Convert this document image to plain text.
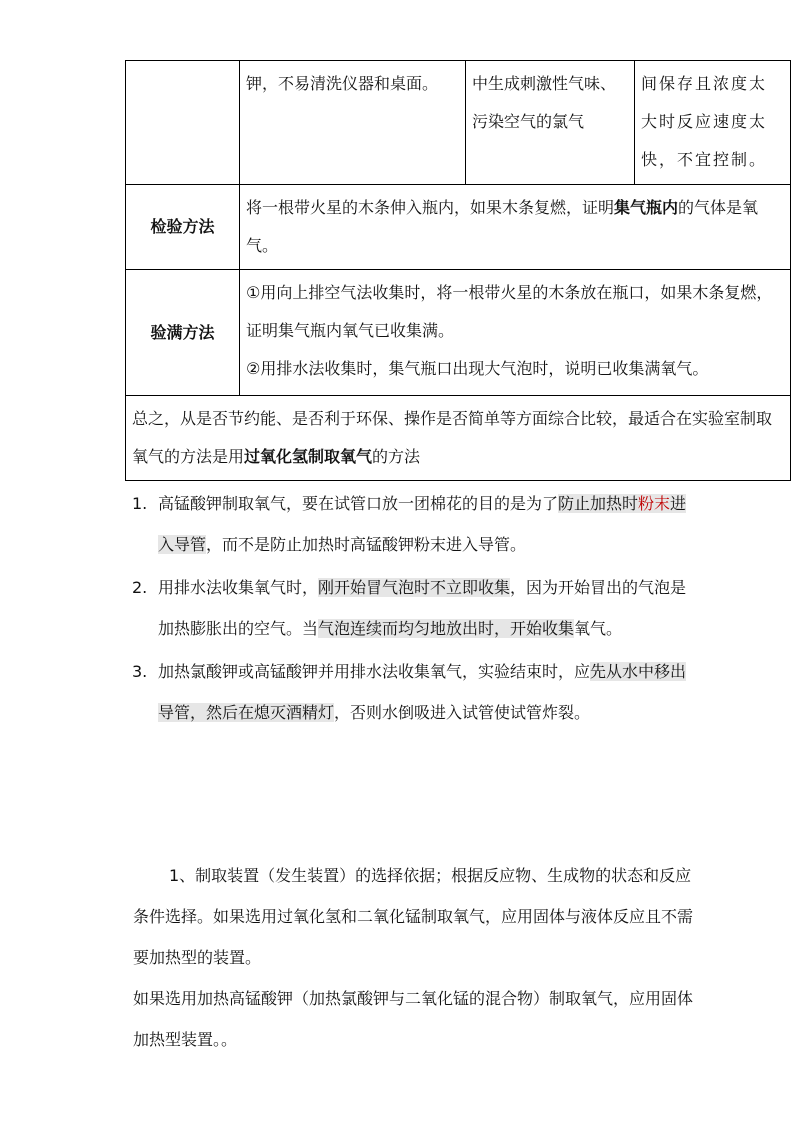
	钾，不易清洗仪器和桌面。	中生成刺激性气味、污染空气的氯气	间保存且浓度太大时反应速度太快，不宜控制。
检验方法	将一根带火星的木条伸入瓶内，如果木条复燃，证明集气瓶内的气体是氧气。		
验满方法	①用向上排空气法收集时，将一根带火星的木条放在瓶口，如果木条复燃，证明集气瓶内氧气已收集满。
②用排水法收集时，集气瓶口出现大气泡时，说明已收集满氧气。		

总之，从是否节约能、是否利于环保、操作是否简单等方面综合比较，最适合在实验室制取氧气的方法是用过氧化氢制取氧气的方法			
1. 高锰酸钾制取氧气，要在试管口放一团棉花的目的是为了防止加热时粉末进入导管，而不是防止加热时高锰酸钾粉末进入导管。
2. 用排水法收集氧气时，刚开始冒气泡时不立即收集，因为开始冒出的气泡是加热膨胀出的空气。当气泡连续而均匀地放出时，开始收集氧气。
3. 加热氯酸钾或高锰酸钾并用排水法收集氧气，实验结束时，应先从水中移出导管，然后在熄灭酒精灯，否则水倒吸进入试管使试管炸裂。
1、制取装置（发生装置）的选择依据；根据反应物、生成物的状态和反应条件选择。如果选用过氧化氢和二氧化锰制取氧气，应用固体与液体反应且不需要加热型的装置。
如果选用加热高锰酸钾（加热氯酸钾与二氧化锰的混合物）制取氧气，应用固体加热型装置。。
